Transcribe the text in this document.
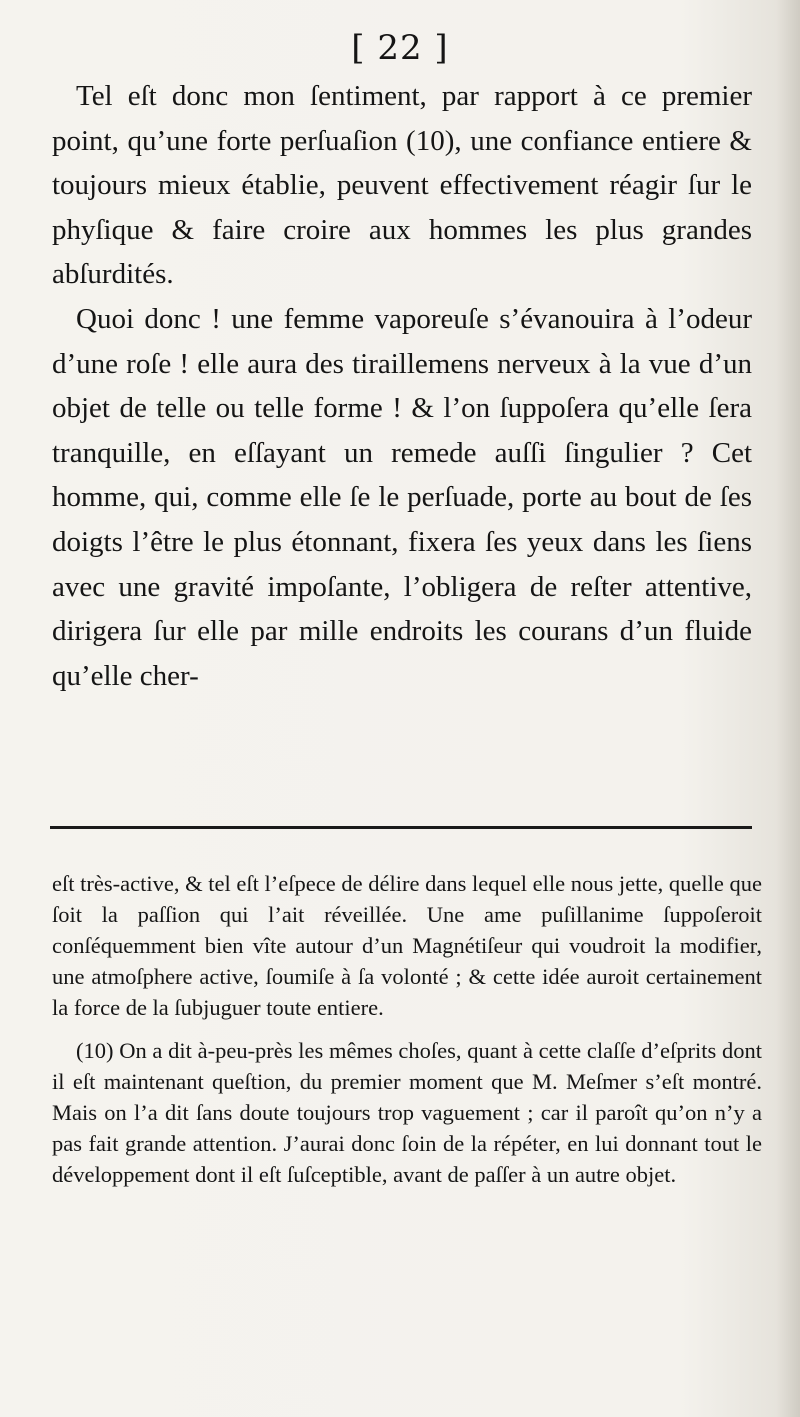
[ 22 ]

Tel eſt donc mon ſentiment, par rapport à ce premier point, qu’une forte perſuaſion (10), une confiance entiere & toujours mieux établie, peuvent effectivement réagir ſur le phyſique & faire croire aux hommes les plus grandes abſurdités.

Quoi donc ! une femme vaporeuſe s’évanouira à l’odeur d’une roſe ! elle aura des tiraillemens nerveux à la vue d’un objet de telle ou telle forme ! & l’on ſuppoſera qu’elle ſera tranquille, en eſſayant un remede auſſi ſingulier ? Cet homme, qui, comme elle ſe le perſuade, porte au bout de ſes doigts l’être le plus étonnant, fixera ſes yeux dans les ſiens avec une gravité impoſante, l’obligera de reſter attentive, dirigera ſur elle par mille endroits les courans d’un fluide qu’elle cher-

eſt très-active, & tel eſt l’eſpece de délire dans lequel elle nous jette, quelle que ſoit la paſſion qui l’ait réveillée. Une ame puſillanime ſuppoſeroit conſéquemment bien vîte autour d’un Magnétiſeur qui voudroit la modifier, une atmoſphere active, ſoumiſe à ſa volonté ; & cette idée auroit certainement la force de la ſubjuguer toute entiere.

(10) On a dit à-peu-près les mêmes choſes, quant à cette claſſe d’eſprits dont il eſt maintenant queſtion, du premier moment que M. Meſmer s’eſt montré. Mais on l’a dit ſans doute toujours trop vaguement ; car il paroît qu’on n’y a pas fait grande attention. J’aurai donc ſoin de la répéter, en lui donnant tout le développement dont il eſt ſuſceptible, avant de paſſer à un autre objet.
